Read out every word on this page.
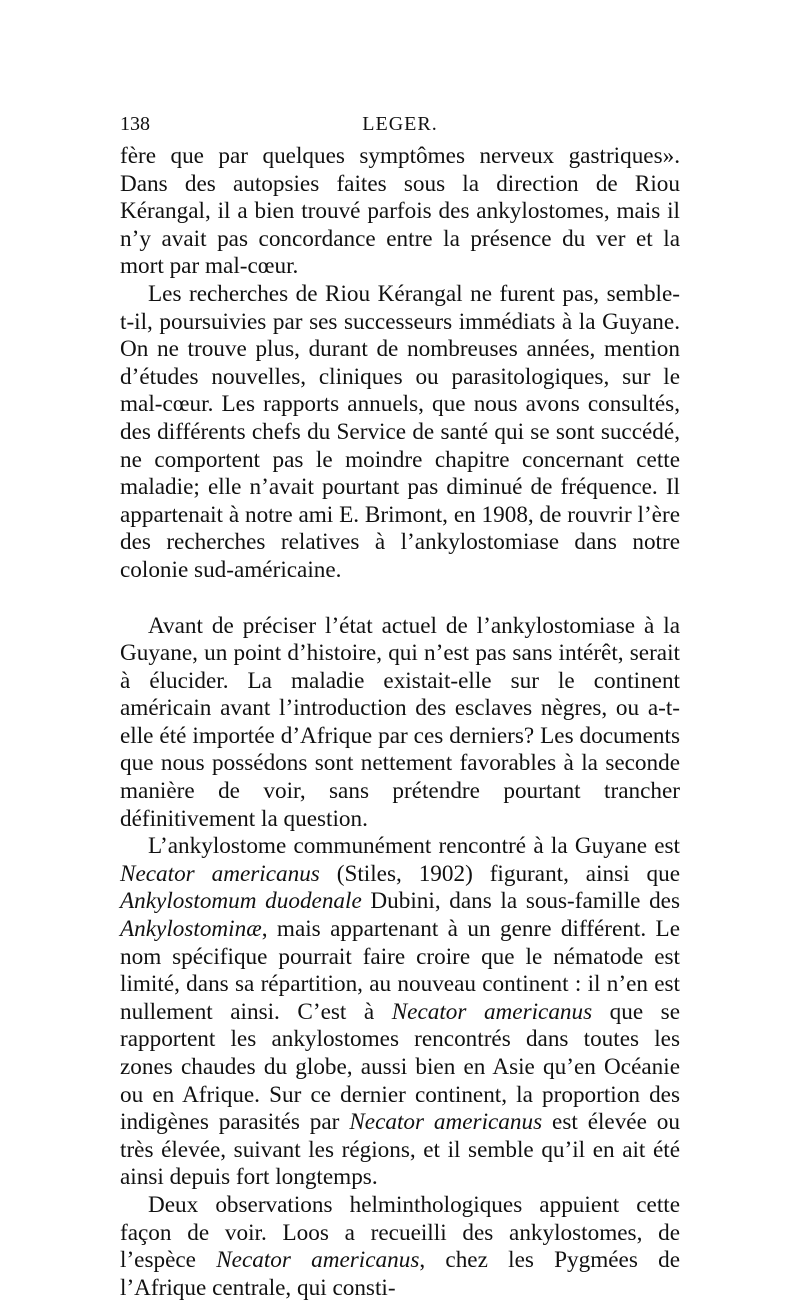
138	LEGER.

fère que par quelques symptômes nerveux gastriques». Dans des autopsies faites sous la direction de Riou Kérangal, il a bien trouvé parfois des ankylostomes, mais il n’y avait pas concordance entre la présence du ver et la mort par mal-cœur.

Les recherches de Riou Kérangal ne furent pas, semble-t-il, poursuivies par ses successeurs immédiats à la Guyane. On ne trouve plus, durant de nombreuses années, mention d’études nouvelles, cliniques ou parasitologiques, sur le mal-cœur. Les rapports annuels, que nous avons consultés, des différents chefs du Service de santé qui se sont succédé, ne comportent pas le moindre chapitre concernant cette maladie; elle n’avait pourtant pas diminué de fréquence. Il appartenait à notre ami E. Brimont, en 1908, de rouvrir l’ère des recherches relatives à l’ankylostomiase dans notre colonie sud-américaine.

Avant de préciser l’état actuel de l’ankylostomiase à la Guyane, un point d’histoire, qui n’est pas sans intérêt, serait à élucider. La maladie existait-elle sur le continent américain avant l’introduction des esclaves nègres, ou a-t-elle été importée d’Afrique par ces derniers? Les documents que nous possédons sont nettement favorables à la seconde manière de voir, sans prétendre pourtant trancher définitivement la question.

L’ankylostome communément rencontré à la Guyane est Necator americanus (Stiles, 1902) figurant, ainsi que Ankylostomum duodenale Dubini, dans la sous-famille des Ankylostominæ, mais appartenant à un genre différent. Le nom spécifique pourrait faire croire que le nématode est limité, dans sa répartition, au nouveau continent : il n’en est nullement ainsi. C’est à Necator americanus que se rapportent les ankylostomes rencontrés dans toutes les zones chaudes du globe, aussi bien en Asie qu’en Océanie ou en Afrique. Sur ce dernier continent, la proportion des indigènes parasités par Necator americanus est élevée ou très élevée, suivant les régions, et il semble qu’il en ait été ainsi depuis fort longtemps.

Deux observations helminthologiques appuient cette façon de voir. Loos a recueilli des ankylostomes, de l’espèce Necator americanus, chez les Pygmées de l’Afrique centrale, qui consti-
